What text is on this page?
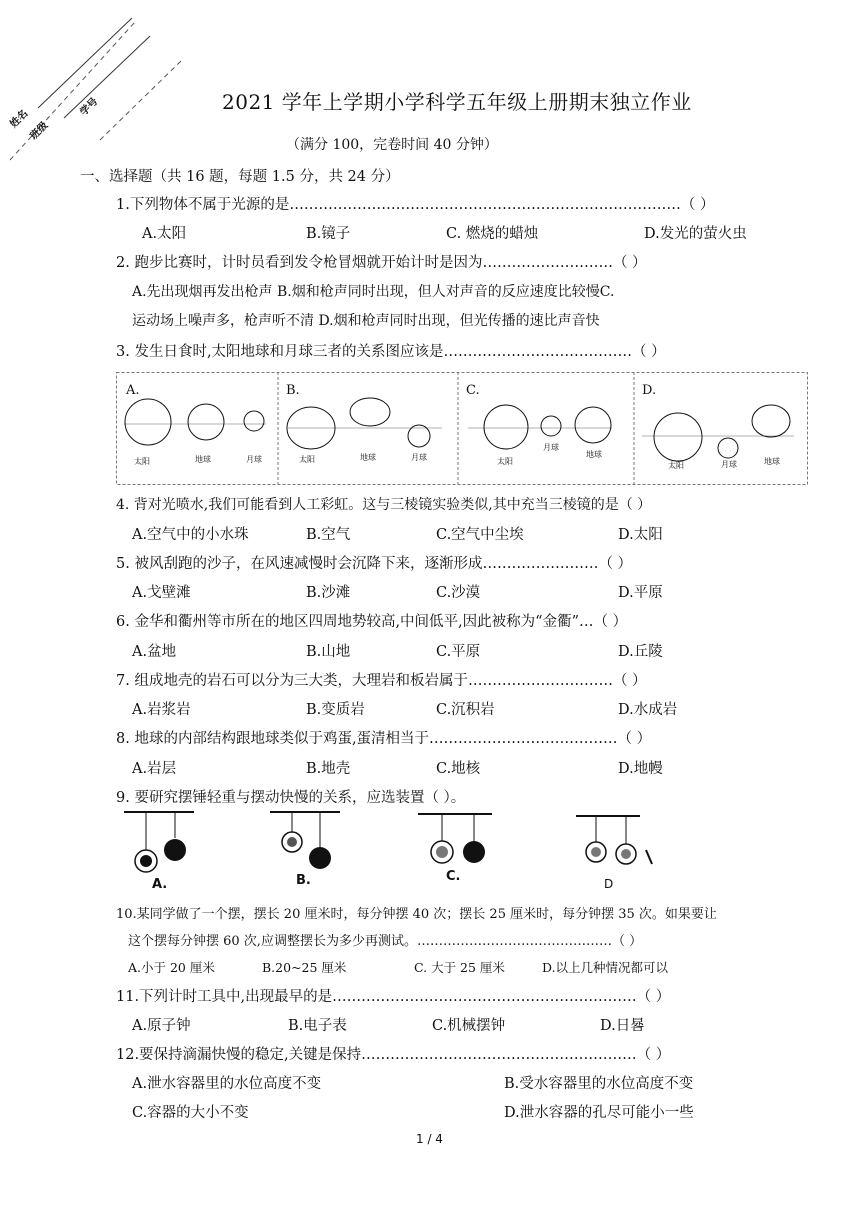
姓名
班级
学号	2021 学年上学期小学科学五年级上册期末独立作业
（满分 100，完卷时间 40 分钟）
一、选择题（共 16 题，每题 1.5 分，共 24 分）
1.下列物体不属于光源的是………………………………………………………………………（ ）
A.太阳	B.镜子	C. 燃烧的蜡烛	D.发光的萤火虫
2. 跑步比赛时，计时员看到发令枪冒烟就开始计时是因为………………………（ ）
A.先出现烟再发出枪声 B.烟和枪声同时出现，但人对声音的反应速度比较慢C.
运动场上噪声多，枪声听不清 D.烟和枪声同时出现，但光传播的速比声音快
3. 发生日食时,太阳地球和月球三者的关系图应该是…………………………………（ ）
A.	B.	C.	D.
太阳	地球	月球	太阳	地球	月球	太阳
月球
地球
太阳	月球	地球
4. 背对光喷水,我们可能看到人工彩虹。这与三棱镜实验类似,其中充当三棱镜的是（ ）
A.空气中的小水珠	B.空气	C.空气中尘埃	D.太阳
5. 被风刮跑的沙子，在风速减慢时会沉降下来，逐渐形成……………………（ ）
A.戈壁滩	B.沙滩	C.沙漠	D.平原
6. 金华和衢州等市所在的地区四周地势较高,中间低平,因此被称为“金衢”…（ ）
A.盆地	B.山地	C.平原	D.丘陵
7. 组成地壳的岩石可以分为三大类，大理岩和板岩属于…………………………（ ）
A.岩浆岩	B.变质岩	C.沉积岩	D.水成岩
8. 地球的内部结构跟地球类似于鸡蛋,蛋清相当于…………………………………（ ）
A.岩层	B.地壳	C.地核	D.地幔
9. 要研究摆锤轻重与摆动快慢的关系，应选装置（ ）。
A.	B.	C.	D
10.某同学做了一个摆，摆长 20 厘米时，每分钟摆 40 次；摆长 25 厘米时，每分钟摆 35 次。如果要让
这个摆每分钟摆 60 次,应调整摆长为多少再测试。………………………………………（ ）
A.小于 20 厘米	B.20~25 厘米	C. 大于 25 厘米	D.以上几种情况都可以
11.下列计时工具中,出现最早的是………………………………………………………（ ）
A.原子钟	B.电子表	C.机械摆钟	D.日晷
12.要保持滴漏快慢的稳定,关键是保持…………………………………………………（ ）
A.泄水容器里的水位高度不变	B.受水容器里的水位高度不变
C.容器的大小不变	D.泄水容器的孔尽可能小一些
1 / 4
